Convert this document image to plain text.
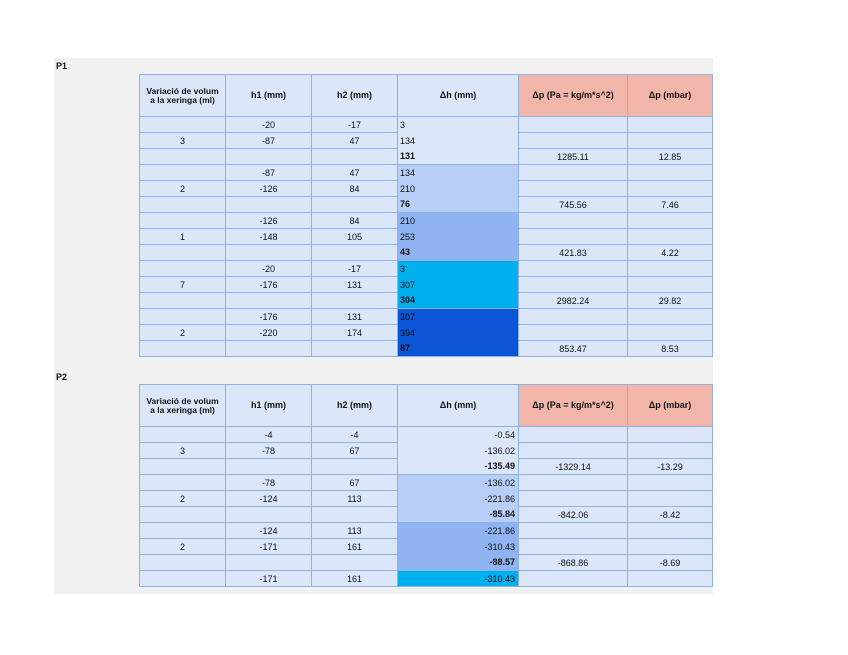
P1
P2
Variació de volum a la xeringa (ml)	h1 (mm)	h2 (mm)	Δh (mm)	Δp (Pa = kg/m*s^2)	Δp (mbar)
	-20	-17	3		
3	-87	47	134		
			131	1285.11	12.85
	-87	47	134		
2	-126	84	210		
			76	745.56	7.46
	-126	84	210		
1	-148	105	253		
			43	421.83	4.22
	-20	-17	3		
7	-176	131	307		
			304	2982.24	29.82
	-176	131	307		
2	-220	174	394		
			87	853.47	8.53
Variació de volum a la xeringa (ml)	h1 (mm)	h2 (mm)	Δh (mm)	Δp (Pa = kg/m*s^2)	Δp (mbar)
	-4	-4	-0.54		
3	-78	67	-136.02		
			-135.49	-1329.14	-13.29
	-78	67	-136.02		
2	-124	113	-221.86		
			-85.84	-842.06	-8.42
	-124	113	-221.86		
2	-171	161	-310.43		
			-88.57	-868.86	-8.69
	-171	161	-310.43		
